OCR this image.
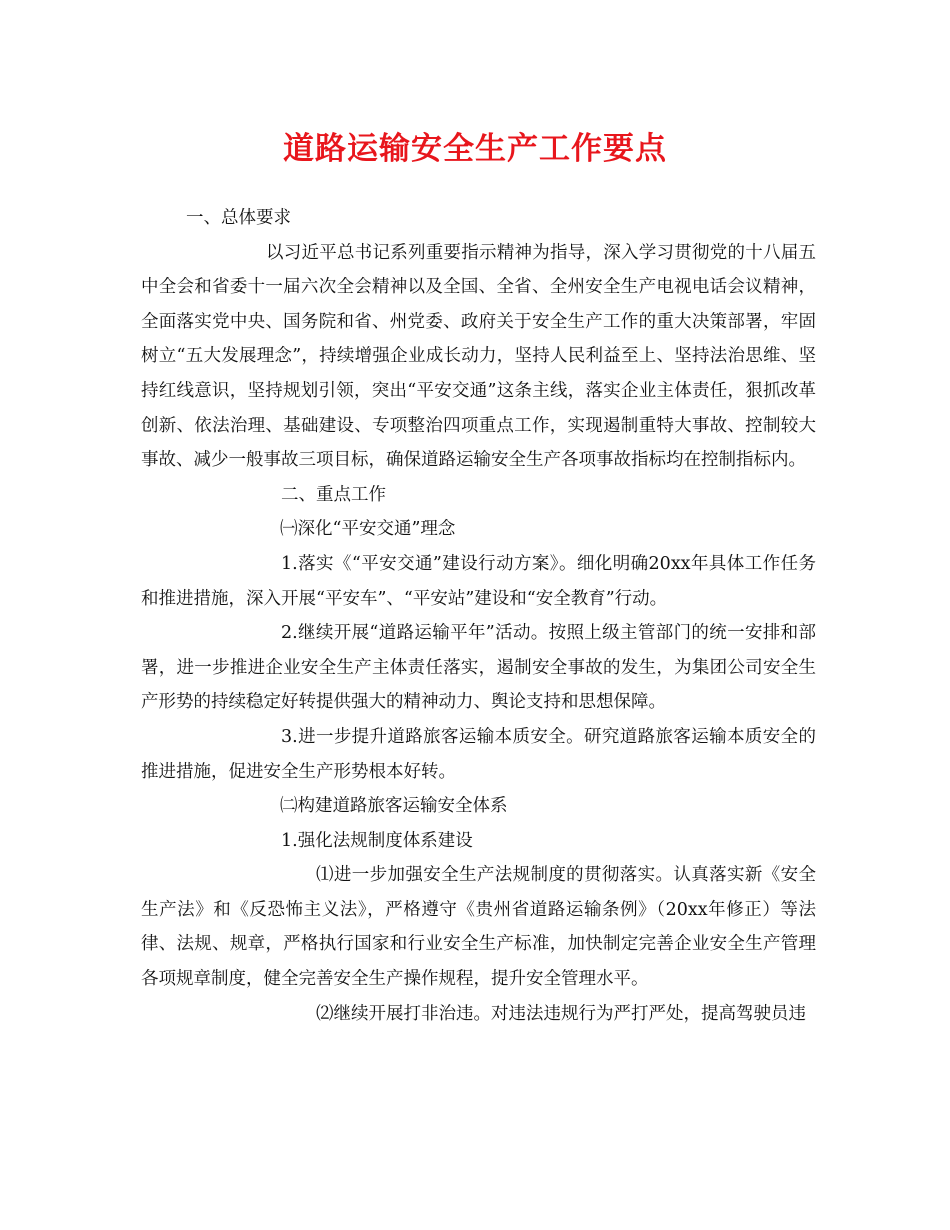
道路运输安全生产工作要点

一、总体要求

以习近平总书记系列重要指示精神为指导，深入学习贯彻党的十八届五中全会和省委十一届六次全会精神以及全国、全省、全州安全生产电视电话会议精神，全面落实党中央、国务院和省、州党委、政府关于安全生产工作的重大决策部署，牢固树立“五大发展理念”，持续增强企业成长动力，坚持人民利益至上、坚持法治思维、坚持红线意识，坚持规划引领，突出“平安交通”这条主线，落实企业主体责任，狠抓改革创新、依法治理、基础建设、专项整治四项重点工作，实现遏制重特大事故、控制较大事故、减少一般事故三项目标，确保道路运输安全生产各项事故指标均在控制指标内。

二、重点工作

㈠深化“平安交通”理念

1.落实《“平安交通”建设行动方案》。细化明确20xx年具体工作任务和推进措施，深入开展“平安车”、“平安站”建设和“安全教育”行动。

2.继续开展“道路运输平年”活动。按照上级主管部门的统一安排和部署，进一步推进企业安全生产主体责任落实，遏制安全事故的发生，为集团公司安全生产形势的持续稳定好转提供强大的精神动力、舆论支持和思想保障。

3.进一步提升道路旅客运输本质安全。研究道路旅客运输本质安全的推进措施，促进安全生产形势根本好转。

㈡构建道路旅客运输安全体系

1.强化法规制度体系建设

⑴进一步加强安全生产法规制度的贯彻落实。认真落实新《安全生产法》和《反恐怖主义法》，严格遵守《贵州省道路运输条例》（20xx年修正）等法律、法规、规章，严格执行国家和行业安全生产标准，加快制定完善企业安全生产管理各项规章制度，健全完善安全生产操作规程，提升安全管理水平。

⑵继续开展打非治违。对违法违规行为严打严处，提高驾驶员违
